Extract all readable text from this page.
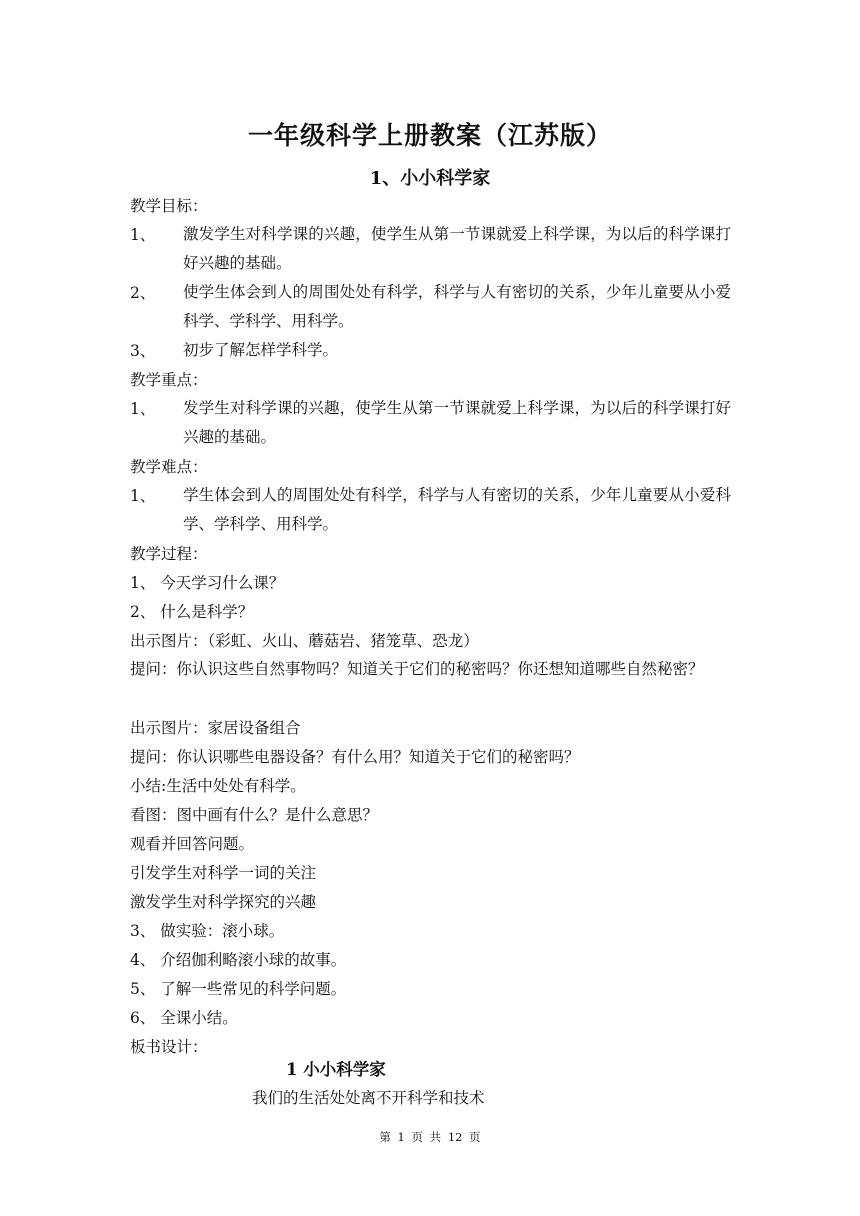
一年级科学上册教案（江苏版）
1、小小科学家
教学目标：
1、 激发学生对科学课的兴趣，使学生从第一节课就爱上科学课，为以后的科学课打好兴趣的基础。
2、 使学生体会到人的周围处处有科学，科学与人有密切的关系，少年儿童要从小爱科学、学科学、用科学。
3、 初步了解怎样学科学。
教学重点：
1、 发学生对科学课的兴趣，使学生从第一节课就爱上科学课，为以后的科学课打好兴趣的基础。
教学难点：
1、 学生体会到人的周围处处有科学，科学与人有密切的关系，少年儿童要从小爱科学、学科学、用科学。
教学过程：
1、 今天学习什么课？
2、 什么是科学？
出示图片：（彩虹、火山、蘑菇岩、猪笼草、恐龙）
提问：你认识这些自然事物吗？知道关于它们的秘密吗？你还想知道哪些自然秘密？
出示图片：家居设备组合
提问：你认识哪些电器设备？有什么用？知道关于它们的秘密吗？
小结:生活中处处有科学。
看图：图中画有什么？是什么意思？
观看并回答问题。
引发学生对科学一词的关注
激发学生对科学探究的兴趣
3、 做实验：滚小球。
4、 介绍伽利略滚小球的故事。
5、 了解一些常见的科学问题。
6、 全课小结。
板书设计：
1 小小科学家
我们的生活处处离不开科学和技术
第 1 页 共 12 页
